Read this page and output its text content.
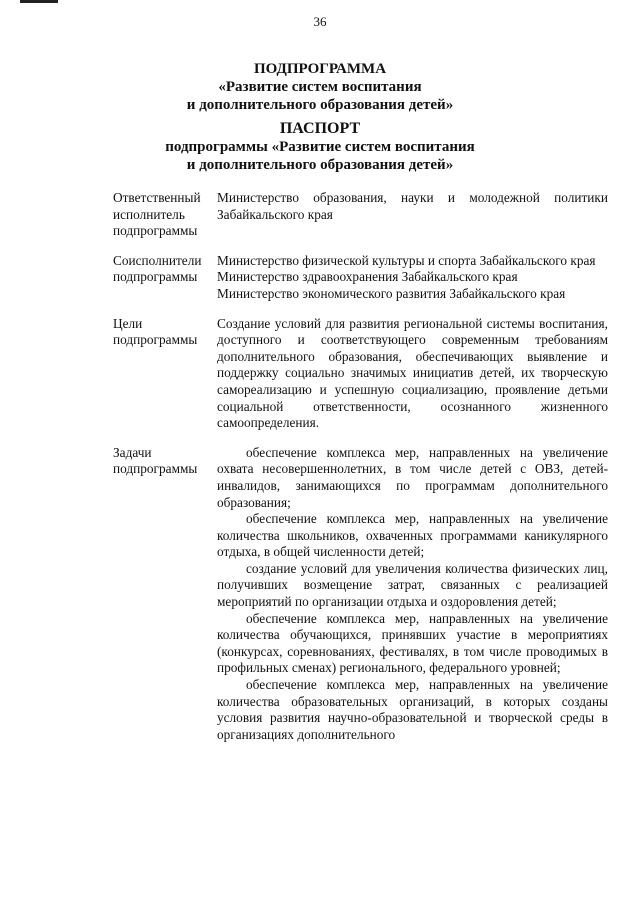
36
ПОДПРОГРАММА
«Развитие систем воспитания
и дополнительного образования детей»
ПАСПОРТ
подпрограммы «Развитие систем воспитания
и дополнительного образования детей»
Ответственный исполнитель подпрограммы	Министерство образования, науки и молодежной политики Забайкальского края

Соисполнители подпрограммы	Министерство физической культуры и спорта Забайкальского края
Министерство здравоохранения Забайкальского края
Министерство экономического развития Забайкальского края

Цели подпрограммы	Создание условий для развития региональной системы воспитания, доступного и соответствующего современным требованиям дополнительного образования, обеспечивающих выявление и поддержку социально значимых инициатив детей, их творческую самореализацию и успешную социализацию, проявление детьми социальной ответственности, осознанного жизненного самоопределения.

Задачи подпрограммы	обеспечение комплекса мер, направленных на увеличение охвата несовершеннолетних, в том числе детей с ОВЗ, детей-инвалидов, занимающихся по программам дополнительного образования;
обеспечение комплекса мер, направленных на увеличение количества школьников, охваченных программами каникулярного отдыха, в общей численности детей;
создание условий для увеличения количества физических лиц, получивших возмещение затрат, связанных с реализацией мероприятий по организации отдыха и оздоровления детей;
обеспечение комплекса мер, направленных на увеличение количества обучающихся, принявших участие в мероприятиях (конкурсах, соревнованиях, фестивалях, в том числе проводимых в профильных сменах) регионального, федерального уровней;
обеспечение комплекса мер, направленных на увеличение количества образовательных организаций, в которых созданы условия развития научно-образовательной и творческой среды в организациях дополнительного
